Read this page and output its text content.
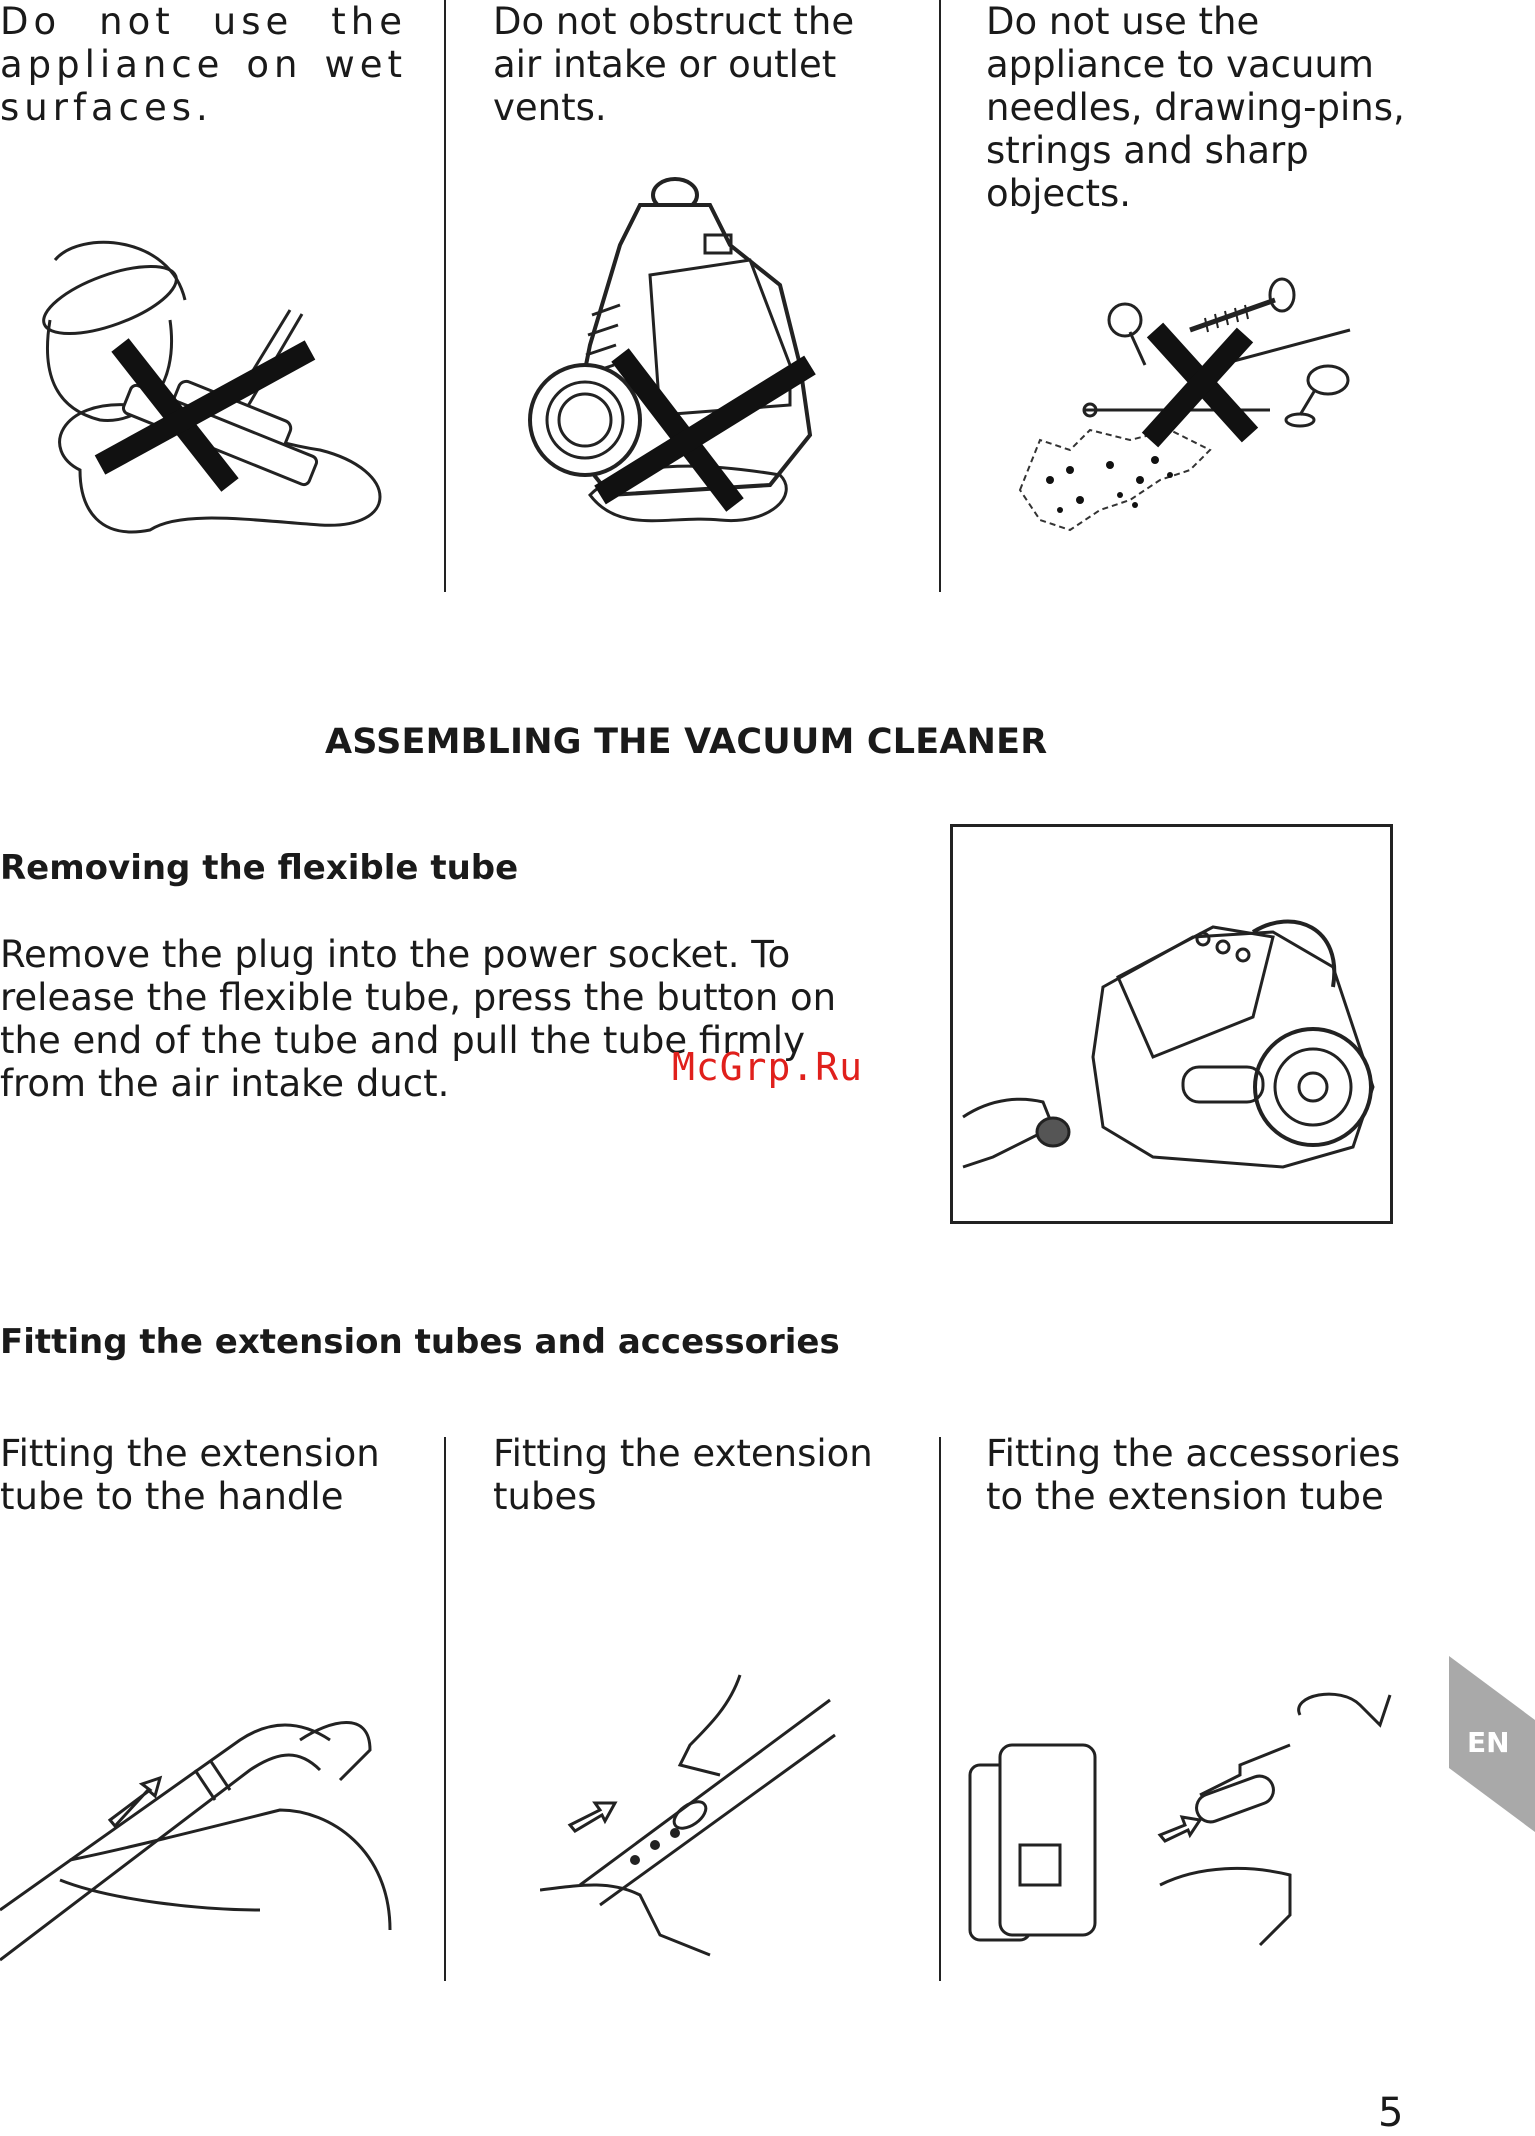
Do not use the appliance on wet surfaces.
Do not obstruct the air intake or outlet vents.
Do not use the appliance to vacuum needles, drawing-pins, strings and sharp objects.
ASSEMBLING THE VACUUM CLEANER
Removing the flexible tube
Remove the plug into the power socket. To release the flexible tube, press the button on the end of the tube and pull the tube firmly from the air intake duct.	McGrp.Ru
Fitting the extension tubes and accessories
Fitting the extension tube to the handle
Fitting the extension tubes
Fitting the accessories to the extension tube
EN
5
